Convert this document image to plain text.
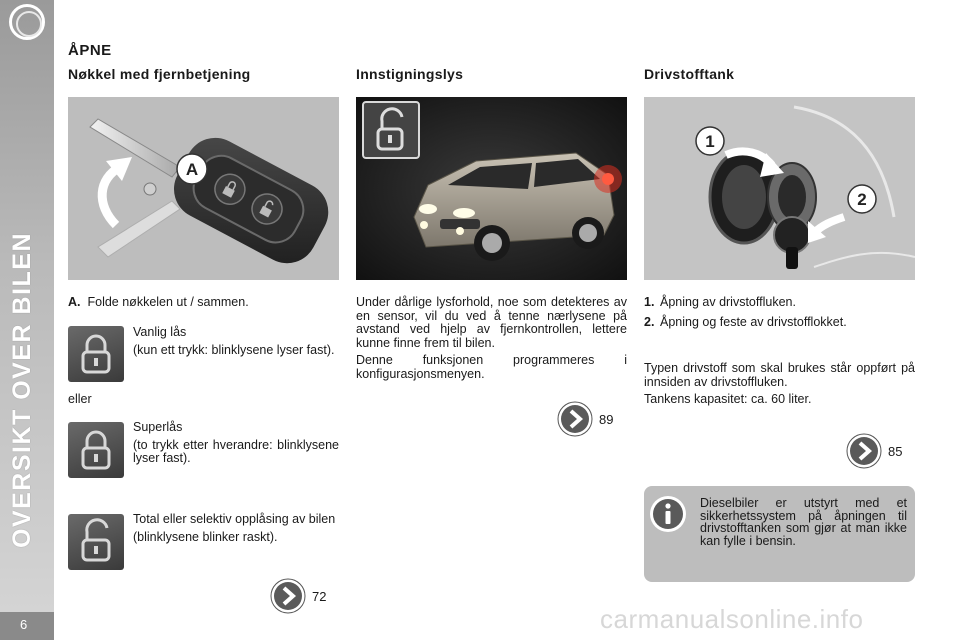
OVERSIKT OVER BILEN
6
ÅPNE
Nøkkel med fjernbetjening	Innstigningslys	Drivstofftank
A
1
2
A. Folde nøkkelen ut / sammen.

Vanlig lås

(kun ett trykk: blinklysene lyser fast).

eller

Superlås

(to trykk etter hverandre: blinklysene lyser fast).

Total eller selektiv opplåsing av bilen

(blinklysene blinker raskt).

72

Under dårlige lysforhold, noe som detekteres av en sensor, vil du ved å tenne nærlysene på avstand ved hjelp av fjernkontrollen, lettere kunne finne frem til bilen.

Denne funksjonen programmeres i konfigurasjonsmenyen.

89

1. Åpning av drivstoffluken.

2. Åpning og feste av drivstofflokket.

Typen drivstoff som skal brukes står oppført på innsiden av drivstoffluken.

Tankens kapasitet: ca. 60 liter.

85
Dieselbiler er utstyrt med et sikkerhetssystem på åpningen til drivstofftanken som gjør at man ikke kan fylle i bensin.
carmanualsonline.info
